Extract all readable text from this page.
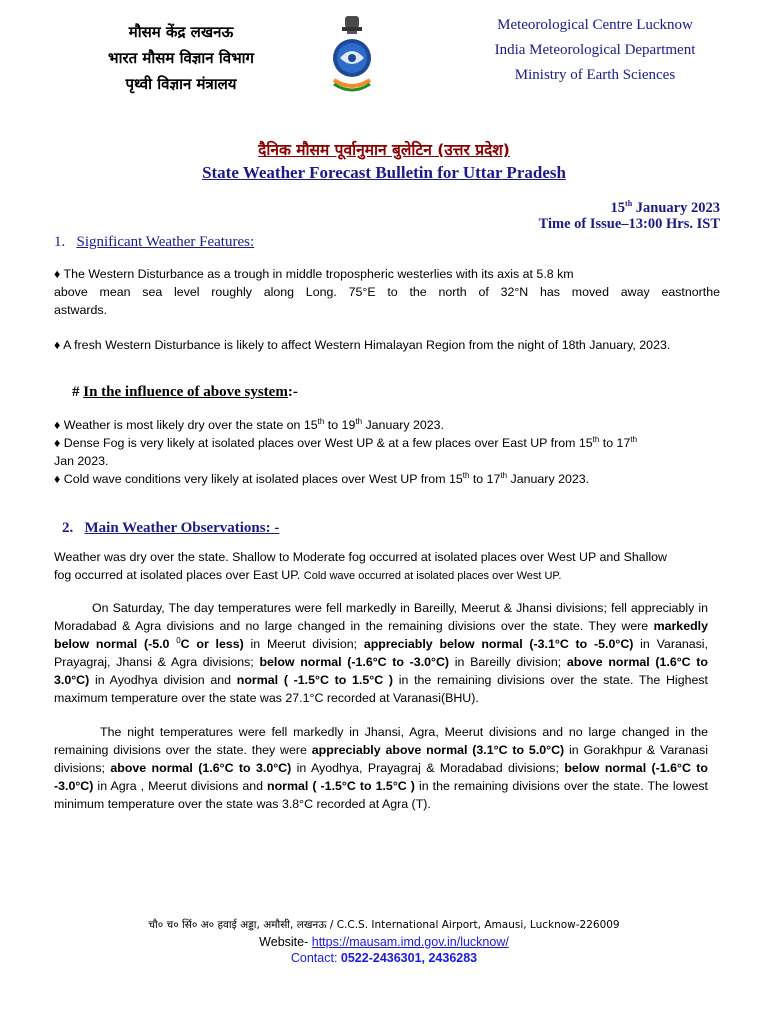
मौसम केंद्र लखनऊ
भारत मौसम विज्ञान विभाग
पृथ्वी विज्ञान मंत्रालय
Meteorological Centre Lucknow
India Meteorological Department
Ministry of Earth Sciences
दैनिक मौसम पूर्वानुमान बुलेटिन (उत्तर प्रदेश)
State Weather Forecast Bulletin for Uttar Pradesh
15th January 2023
Time of Issue–13:00 Hrs. IST
1. Significant Weather Features:
♦ The Western Disturbance as a trough in middle tropospheric westerlies with its axis at 5.8 km
above mean sea level roughly along Long. 75°E to the north of 32°N has moved away eastnorthe
astwards.
♦ A fresh Western Disturbance is likely to affect Western Himalayan Region from the night of 18th January, 2023.
# In the influence of above system:-
♦ Weather is most likely dry over the state on 15th to 19th January 2023.
♦ Dense Fog is very likely at isolated places over West UP & at a few places over East UP from 15th to 17th
Jan 2023.
♦ Cold wave conditions very likely at isolated places over West UP from 15th to 17th January 2023.
2. Main Weather Observations: -
Weather was dry over the state. Shallow to Moderate fog occurred at isolated places over West UP and Shallow
fog occurred at isolated places over East UP. Cold wave occurred at isolated places over West UP.
On Saturday, The day temperatures were fell markedly in Bareilly, Meerut & Jhansi divisions; fell appreciably in Moradabad & Agra divisions and no large changed in the remaining divisions over the state. They were markedly below normal (-5.0 $^0$C or less) in Meerut division; appreciably below normal (-3.1°C to -5.0°C) in Varanasi, Prayagraj, Jhansi & Agra divisions; below normal (-1.6°C to -3.0°C) in Bareilly division; above normal (1.6°C to 3.0°C) in Ayodhya division and normal ( -1.5°C to 1.5°C ) in the remaining divisions over the state. The Highest maximum temperature over the state was 27.1°C recorded at Varanasi(BHU).
The night temperatures were fell markedly in Jhansi, Agra, Meerut divisions and no large changed in the remaining divisions over the state. they were appreciably above normal (3.1°C to 5.0°C) in Gorakhpur & Varanasi divisions; above normal (1.6°C to 3.0°C) in Ayodhya, Prayagraj & Moradabad divisions; below normal (-1.6°C to -3.0°C) in Agra , Meerut divisions and normal ( -1.5°C to 1.5°C ) in the remaining divisions over the state. The lowest minimum temperature over the state was 3.8°C recorded at Agra (T).
चौ० च० सिं० अ० हवाई अड्डा, अमौसी, लखनऊ / C.C.S. International Airport, Amausi, Lucknow-226009
Website- https://mausam.imd.gov.in/lucknow/
Contact: 0522-2436301, 2436283
